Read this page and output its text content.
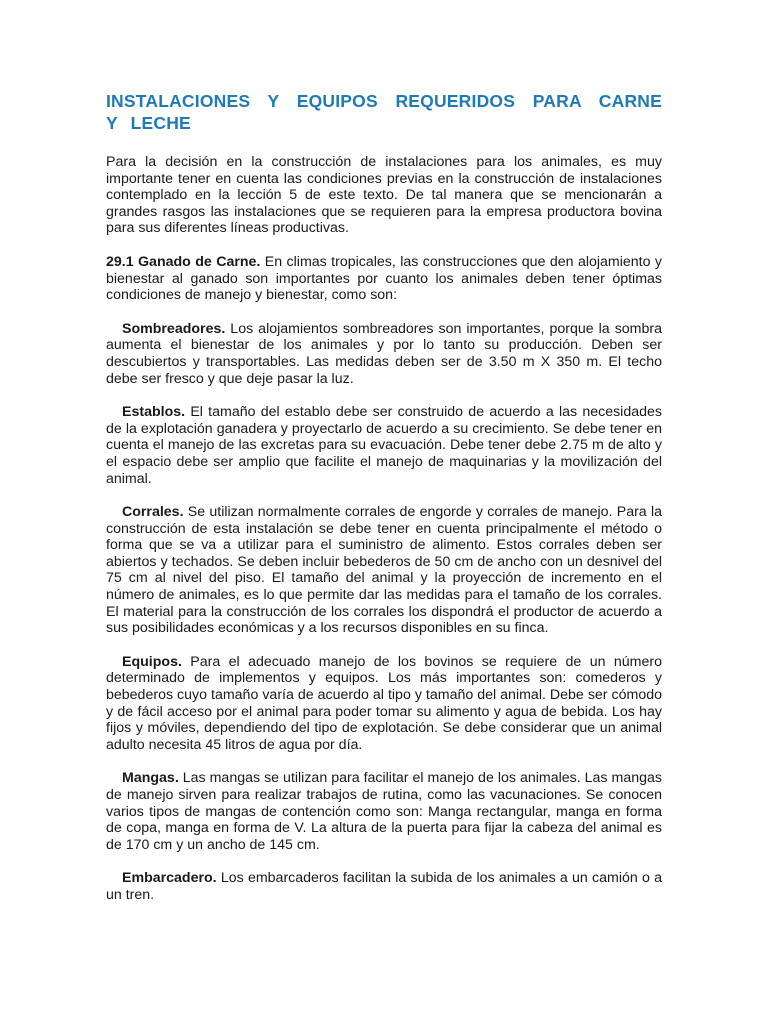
INSTALACIONES Y EQUIPOS REQUERIDOS PARA CARNE Y LECHE

Para la decisión en la construcción de instalaciones para los animales, es muy importante tener en cuenta las condiciones previas en la construcción de instalaciones contemplado en la lección 5 de este texto. De tal manera que se mencionarán a grandes rasgos las instalaciones que se requieren para la empresa productora bovina para sus diferentes líneas productivas.

29.1 Ganado de Carne. En climas tropicales, las construcciones que den alojamiento y bienestar al ganado son importantes por cuanto los animales deben tener óptimas condiciones de manejo y bienestar, como son:

Sombreadores. Los alojamientos sombreadores son importantes, porque la sombra aumenta el bienestar de los animales y por lo tanto su producción. Deben ser descubiertos y transportables. Las medidas deben ser de 3.50 m X 350 m. El techo debe ser fresco y que deje pasar la luz.

Establos. El tamaño del establo debe ser construido de acuerdo a las necesidades de la explotación ganadera y proyectarlo de acuerdo a su crecimiento. Se debe tener en cuenta el manejo de las excretas para su evacuación. Debe tener debe 2.75 m de alto y el espacio debe ser amplio que facilite el manejo de maquinarias y la movilización del animal.

Corrales. Se utilizan normalmente corrales de engorde y corrales de manejo. Para la construcción de esta instalación se debe tener en cuenta principalmente el método o forma que se va a utilizar para el suministro de alimento. Estos corrales deben ser abiertos y techados. Se deben incluir bebederos de 50 cm de ancho con un desnivel del 75 cm al nivel del piso. El tamaño del animal y la proyección de incremento en el número de animales, es lo que permite dar las medidas para el tamaño de los corrales. El material para la construcción de los corrales los dispondrá el productor de acuerdo a sus posibilidades económicas y a los recursos disponibles en su finca.

Equipos. Para el adecuado manejo de los bovinos se requiere de un número determinado de implementos y equipos. Los más importantes son: comederos y bebederos cuyo tamaño varía de acuerdo al tipo y tamaño del animal. Debe ser cómodo y de fácil acceso por el animal para poder tomar su alimento y agua de bebida. Los hay fijos y móviles, dependiendo del tipo de explotación. Se debe considerar que un animal adulto necesita 45 litros de agua por día.

Mangas. Las mangas se utilizan para facilitar el manejo de los animales. Las mangas de manejo sirven para realizar trabajos de rutina, como las vacunaciones. Se conocen varios tipos de mangas de contención como son: Manga rectangular, manga en forma de copa, manga en forma de V. La altura de la puerta para fijar la cabeza del animal es de 170 cm y un ancho de 145 cm.

Embarcadero. Los embarcaderos facilitan la subida de los animales a un camión o a un tren.
